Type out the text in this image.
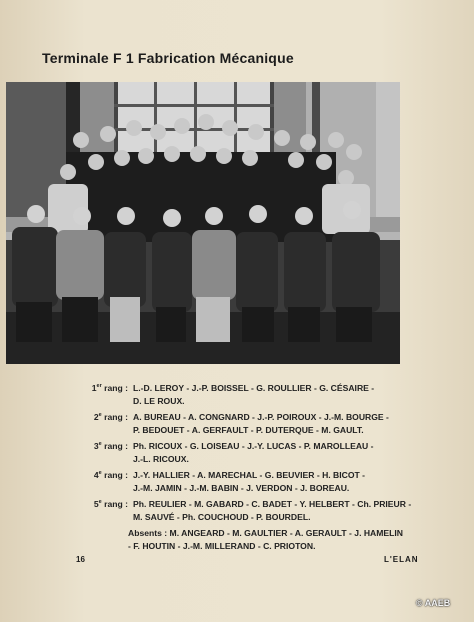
Terminale F 1 Fabrication Mécanique
1er rang : L.-D. LEROY - J.-P. BOISSEL - G. ROULLIER - G. CÉSAIRE -
D. LE ROUX.
2e rang : A. BUREAU - A. CONGNARD - J.-P. POIROUX - J.-M. BOURGE -
P. BEDOUET - A. GERFAULT - P. DUTERQUE - M. GAULT.
3e rang : Ph. RICOUX - G. LOISEAU - J.-Y. LUCAS - P. MAROLLEAU -
J.-L. RICOUX.
4e rang : J.-Y. HALLIER - A. MARECHAL - G. BEUVIER - H. BICOT -
J.-M. JAMIN - J.-M. BABIN - J. VERDON - J. BOREAU.
5e rang : Ph. REULIER - M. GABARD - C. BADET - Y. HELBERT - Ch. PRIEUR -
M. SAUVÉ - Ph. COUCHOUD - P. BOURDEL.
Absents : M. ANGEARD - M. GAULTIER - A. GERAULT - J. HAMELIN
- F. HOUTIN - J.-M. MILLERAND - C. PRIOTON.
16	L'ELAN
© AAEB
